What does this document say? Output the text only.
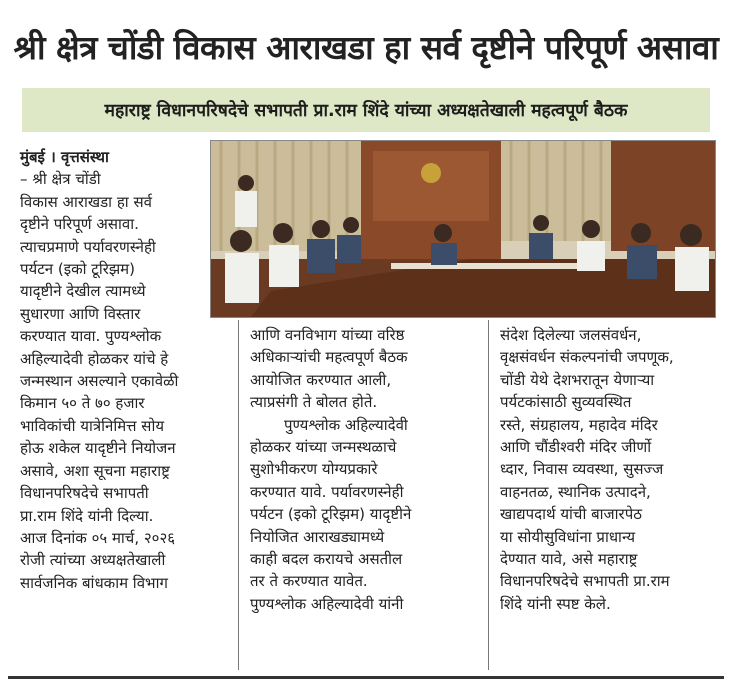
श्री क्षेत्र चोंडी विकास आराखडा हा सर्व दृष्टीने परिपूर्ण असावा
महाराष्ट्र विधानपरिषदेचे सभापती प्रा.राम शिंदे यांच्या अध्यक्षतेखाली महत्वपूर्ण बैठक
मुंबई । वृत्तसंस्था
– श्री क्षेत्र चोंडी
विकास आराखडा हा सर्व
दृष्टीने परिपूर्ण असावा.
त्याचप्रमाणे पर्यावरणस्नेही
पर्यटन (इको टूरिझम)
यादृष्टीने देखील त्यामध्ये
सुधारणा आणि विस्तार
करण्यात यावा. पुण्यश्लोक
अहिल्यादेवी होळकर यांचे हे
जन्मस्थान असल्याने एकावेळी
किमान ५० ते ७० हजार
भाविकांची यात्रेनिमित्त सोय
होऊ शकेल यादृष्टीने नियोजन
असावे, अशा सूचना महाराष्ट्र
विधानपरिषदेचे सभापती
प्रा.राम शिंदे यांनी दिल्या.
आज दिनांक ०५ मार्च, २०२६
रोजी त्यांच्या अध्यक्षतेखाली
सार्वजनिक बांधकाम विभाग
आणि वनविभाग यांच्या वरिष्ठ
अधिकाऱ्यांची महत्वपूर्ण बैठक
आयोजित करण्यात आली,
त्याप्रसंगी ते बोलत होते.
पुण्यश्लोक अहिल्यादेवी
होळकर यांच्या जन्मस्थळाचे
सुशोभीकरण योग्यप्रकारे
करण्यात यावे. पर्यावरणस्नेही
पर्यटन (इको टूरिझम) यादृष्टीने
नियोजित आराखड्यामध्ये
काही बदल करायचे असतील
तर ते करण्यात यावेत.
पुण्यश्लोक अहिल्यादेवी यांनी
संदेश दिलेल्या जलसंवर्धन,
वृक्षसंवर्धन संकल्पनांची जपणूक,
चोंडी येथे देशभरातून येणाऱ्या
पर्यटकांसाठी सुव्यवस्थित
रस्ते, संग्रहालय, महादेव मंदिर
आणि चौंडीश्वरी मंदिर जीर्णो
ध्दार, निवास व्यवस्था, सुसज्ज
वाहनतळ, स्थानिक उत्पादने,
खाद्यपदार्थ यांची बाजारपेठ
या सोयीसुविधांना प्राधान्य
देण्यात यावे, असे महाराष्ट्र
विधानपरिषदेचे सभापती प्रा.राम
शिंदे यांनी स्पष्ट केले.
